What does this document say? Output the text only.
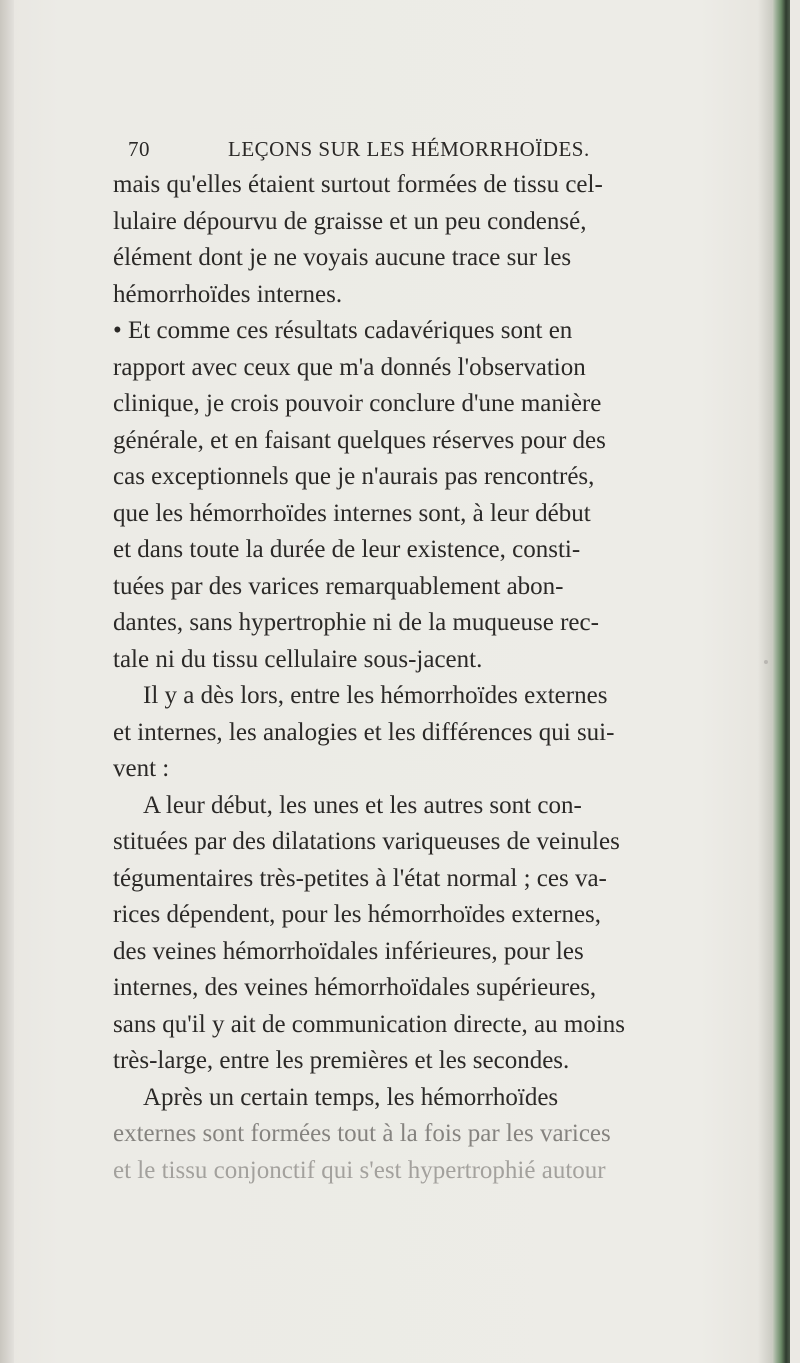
70	LEÇONS SUR LES HÉMORRHOÏDES.
mais qu'elles étaient surtout formées de tissu cel-
lulaire dépourvu de graisse et un peu condensé,
élément dont je ne voyais aucune trace sur les
hémorrhoïdes internes.
• Et comme ces résultats cadavériques sont en
rapport avec ceux que m'a donnés l'observation
clinique, je crois pouvoir conclure d'une manière
générale, et en faisant quelques réserves pour des
cas exceptionnels que je n'aurais pas rencontrés,
que les hémorrhoïdes internes sont, à leur début
et dans toute la durée de leur existence, consti-
tuées par des varices remarquablement abon-
dantes, sans hypertrophie ni de la muqueuse rec-
tale ni du tissu cellulaire sous-jacent.
Il y a dès lors, entre les hémorrhoïdes externes
et internes, les analogies et les différences qui sui-
vent :
A leur début, les unes et les autres sont con-
stituées par des dilatations variqueuses de veinules
tégumentaires très-petites à l'état normal ; ces va-
rices dépendent, pour les hémorrhoïdes externes,
des veines hémorrhoïdales inférieures, pour les
internes, des veines hémorrhoïdales supérieures,
sans qu'il y ait de communication directe, au moins
très-large, entre les premières et les secondes.
Après un certain temps, les hémorrhoïdes
externes sont formées tout à la fois par les varices
et le tissu conjonctif qui s'est hypertrophié autour
